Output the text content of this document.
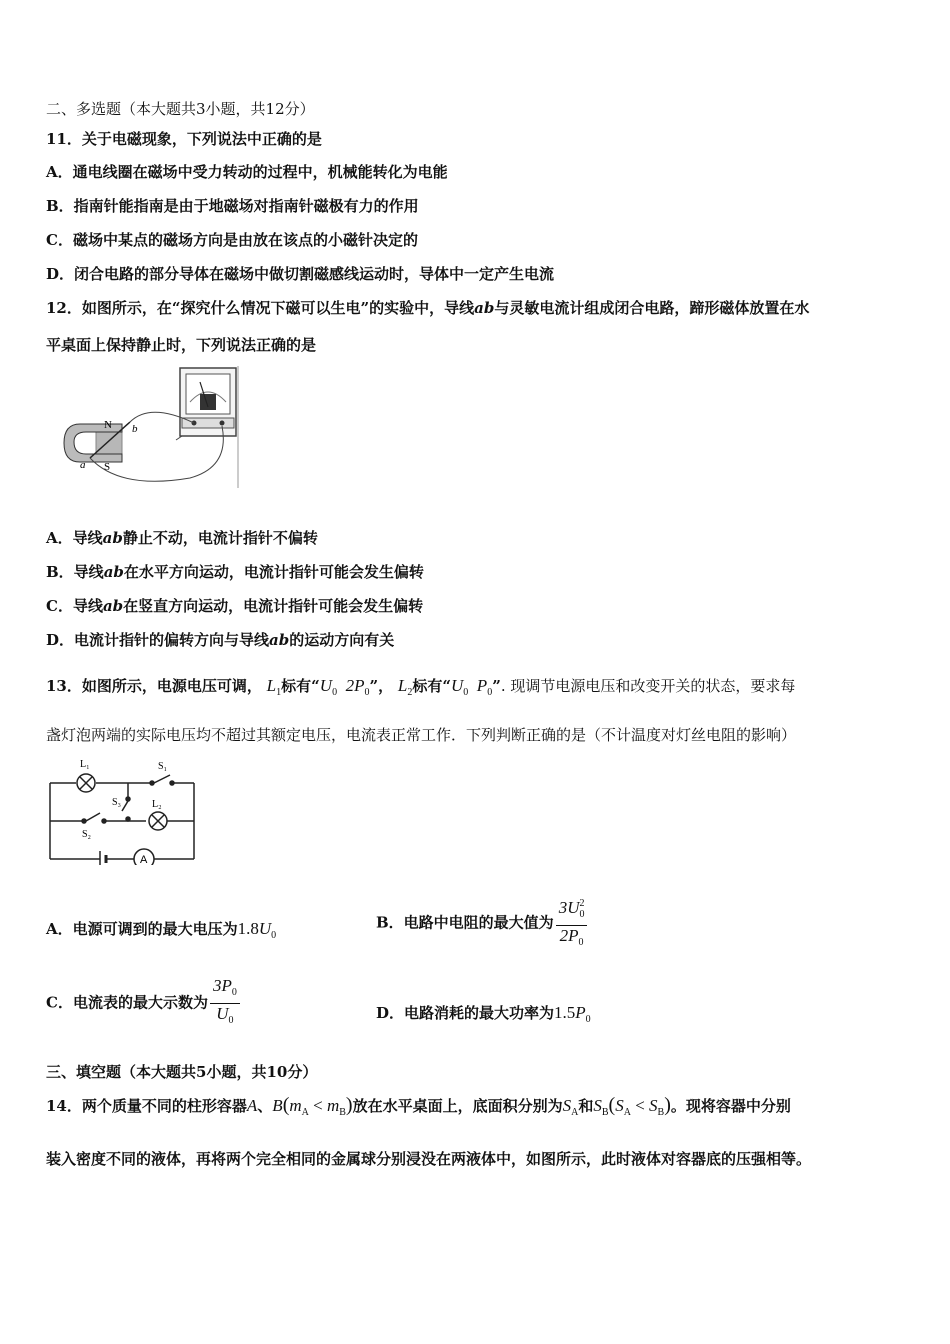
二、多选题（本大题共3小题，共12分）
11．关于电磁现象，下列说法中正确的是
A．通电线圈在磁场中受力转动的过程中，机械能转化为电能
B．指南针能指南是由于地磁场对指南针磁极有力的作用
C．磁场中某点的磁场方向是由放在该点的小磁针决定的
D．闭合电路的部分导体在磁场中做切割磁感线运动时，导体中一定产生电流
12．如图所示，在“探究什么情况下磁可以生电”的实验中，导线ab与灵敏电流计组成闭合电路，蹄形磁体放置在水
平桌面上保持静止时，下列说法正确的是
N
S
a
b
A．导线ab静止不动，电流计指针不偏转
B．导线ab在水平方向运动，电流计指针可能会发生偏转
C．导线ab在竖直方向运动，电流计指针可能会发生偏转
D．电流计指针的偏转方向与导线ab的运动方向有关
13．如图所示，电源电压可调， $L_1$标有“$U_0$ $2P_0$”， $L_2$标有“$U_0$ $P_0$”. 现调节电源电压和改变开关的状态，要求每
盏灯泡两端的实际电压均不超过其额定电压，电流表正常工作．下列判断正确的是（不计温度对灯丝电阻的影响）
L₁	S₁
S₃	L₂
S₂
A
A．电源可调到的最大电压为$1.8U_0$
B．电路中电阻的最大值为 $\frac{3U^2_0}{2P_0}$
C．电流表的最大示数为 $\frac{3P_0}{U_0}$	D．电路消耗的最大功率为$1.5P_0$
三、填空题（本大题共5小题，共10分）
14．两个质量不同的柱形容器A、$B(m_A < m_B)$放在水平桌面上，底面积分别为$S_A$和$S_B(S_A < S_B)$。现将容器中分别
装入密度不同的液体，再将两个完全相同的金属球分别浸没在两液体中，如图所示，此时液体对容器底的压强相等。
